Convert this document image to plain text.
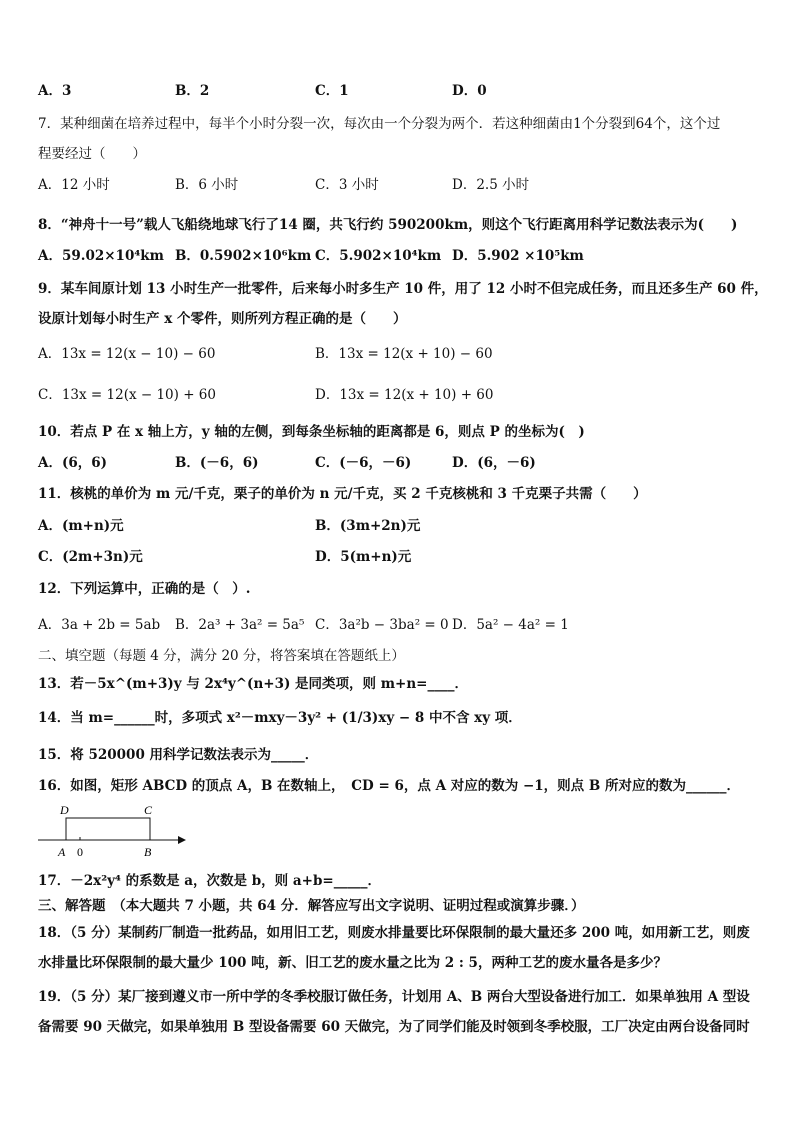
A．3	B．2	C．1	D．0
7．某种细菌在培养过程中，每半个小时分裂一次，每次由一个分裂为两个．若这种细菌由1个分裂到64个，这个过
程要经过（　　）
A．12 小时	B．6 小时	C．3 小时	D．2.5 小时
8．“神舟十一号”载人飞船绕地球飞行了14 圈，共飞行约 590200km，则这个飞行距离用科学记数法表示为(　　)
A．59.02×10⁴km B．0.5902×10⁶km C．5.902×10⁴km D．5.902 ×10⁵km
9．某车间原计划 13 小时生产一批零件，后来每小时多生产 10 件，用了 12 小时不但完成任务，而且还多生产 60 件，
设原计划每小时生产 x 个零件，则所列方程正确的是（　　）
A．13x = 12(x − 10) − 60	B．13x = 12(x + 10) − 60
C．13x = 12(x − 10) + 60	D．13x = 12(x + 10) + 60
10．若点 P 在 x 轴上方，y 轴的左侧，到每条坐标轴的距离都是 6，则点 P 的坐标为(　)
A．(6，6)	B．(－6，6)	C．(－6，－6)	D．(6，－6)
11．核桃的单价为 m 元/千克，栗子的单价为 n 元/千克，买 2 千克核桃和 3 千克栗子共需（　　）
A．(m+n)元	B．(3m+2n)元
C．(2m+3n)元	D．5(m+n)元
12．下列运算中，正确的是（　）.
A．3a + 2b = 5ab B．2a³ + 3a² = 5a⁵ C．3a²b − 3ba² = 0 D．5a² − 4a² = 1
二、填空题（每题 4 分，满分 20 分，将答案填在答题纸上）
13．若－5x^(m+3)y 与 2x⁴y^(n+3) 是同类项，则 m+n=____．
14．当 m=______时，多项式 x²－mxy－3y² + (1/3)xy − 8 中不含 xy 项．
15．将 520000 用科学记数法表示为_____．
16．如图，矩形 ABCD 的顶点 A，B 在数轴上，　CD = 6，点 A 对应的数为 −1，则点 B 所对应的数为______．
D	C
A 0	B
17．－2x²y⁴ 的系数是 a，次数是 b，则 a+b=_____．
三、解答题　（本大题共 7 小题，共 64 分．解答应写出文字说明、证明过程或演算步骤．）
18．（5 分）某制药厂制造一批药品，如用旧工艺，则废水排量要比环保限制的最大量还多 200 吨，如用新工艺，则废
水排量比环保限制的最大量少 100 吨，新、旧工艺的废水量之比为 2 : 5，两种工艺的废水量各是多少？
19．（5 分）某厂接到遵义市一所中学的冬季校服订做任务，计划用 A、B 两台大型设备进行加工．如果单独用 A 型设
备需要 90 天做完，如果单独用 B 型设备需要 60 天做完，为了同学们能及时领到冬季校服，工厂决定由两台设备同时
